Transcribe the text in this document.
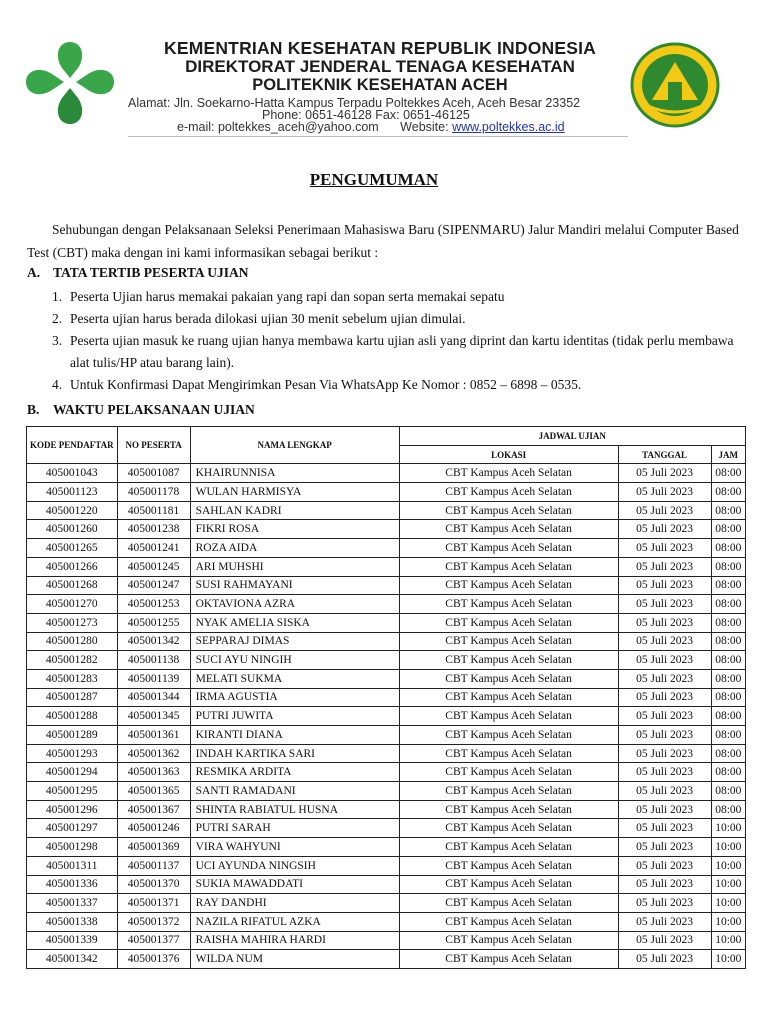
KEMENTRIAN KESEHATAN REPUBLIK INDONESIA
DIREKTORAT JENDERAL TENAGA KESEHATAN
POLITEKNIK KESEHATAN ACEH
Alamat: Jln. Soekarno-Hatta Kampus Terpadu Poltekkes Aceh, Aceh Besar 23352
Phone: 0651-46128 Fax: 0651-46125
e-mail: poltekkes_aceh@yahoo.com Website: www.poltekkes.ac.id
PENGUMUMAN
Sehubungan dengan Pelaksanaan Seleksi Penerimaan Mahasiswa Baru (SIPENMARU) Jalur Mandiri melalui Computer Based Test (CBT) maka dengan ini kami informasikan sebagai berikut :
A. TATA TERTIB PESERTA UJIAN
1. Peserta Ujian harus memakai pakaian yang rapi dan sopan serta memakai sepatu
2. Peserta ujian harus berada dilokasi ujian 30 menit sebelum ujian dimulai.
3. Peserta ujian masuk ke ruang ujian hanya membawa kartu ujian asli yang diprint dan kartu identitas (tidak perlu membawa alat tulis/HP atau barang lain).
4. Untuk Konfirmasi Dapat Mengirimkan Pesan Via WhatsApp Ke Nomor : 0852 – 6898 – 0535.
B. WAKTU PELAKSANAAN UJIAN
KODE PENDAFTAR	NO PESERTA	NAMA LENGKAP	JADWAL UJIAN		
			LOKASI	TANGGAL	JAM
405001043	405001087	KHAIRUNNISA	CBT Kampus Aceh Selatan	05 Juli 2023	08:00
405001123	405001178	WULAN HARMISYA	CBT Kampus Aceh Selatan	05 Juli 2023	08:00
405001220	405001181	SAHLAN KADRI	CBT Kampus Aceh Selatan	05 Juli 2023	08:00
405001260	405001238	FIKRI ROSA	CBT Kampus Aceh Selatan	05 Juli 2023	08:00
405001265	405001241	ROZA AIDA	CBT Kampus Aceh Selatan	05 Juli 2023	08:00
405001266	405001245	ARI MUHSHI	CBT Kampus Aceh Selatan	05 Juli 2023	08:00
405001268	405001247	SUSI RAHMAYANI	CBT Kampus Aceh Selatan	05 Juli 2023	08:00
405001270	405001253	OKTAVIONA AZRA	CBT Kampus Aceh Selatan	05 Juli 2023	08:00
405001273	405001255	NYAK AMELIA SISKA	CBT Kampus Aceh Selatan	05 Juli 2023	08:00
405001280	405001342	SEPPARAJ DIMAS	CBT Kampus Aceh Selatan	05 Juli 2023	08:00
405001282	405001138	SUCI AYU NINGIH	CBT Kampus Aceh Selatan	05 Juli 2023	08:00
405001283	405001139	MELATI SUKMA	CBT Kampus Aceh Selatan	05 Juli 2023	08:00
405001287	405001344	IRMA AGUSTIA	CBT Kampus Aceh Selatan	05 Juli 2023	08:00
405001288	405001345	PUTRI JUWITA	CBT Kampus Aceh Selatan	05 Juli 2023	08:00
405001289	405001361	KIRANTI DIANA	CBT Kampus Aceh Selatan	05 Juli 2023	08:00
405001293	405001362	INDAH KARTIKA SARI	CBT Kampus Aceh Selatan	05 Juli 2023	08:00
405001294	405001363	RESMIKA ARDITA	CBT Kampus Aceh Selatan	05 Juli 2023	08:00
405001295	405001365	SANTI RAMADANI	CBT Kampus Aceh Selatan	05 Juli 2023	08:00
405001296	405001367	SHINTA RABIATUL HUSNA	CBT Kampus Aceh Selatan	05 Juli 2023	08:00
405001297	405001246	PUTRI SARAH	CBT Kampus Aceh Selatan	05 Juli 2023	10:00
405001298	405001369	VIRA WAHYUNI	CBT Kampus Aceh Selatan	05 Juli 2023	10:00
405001311	405001137	UCI AYUNDA NINGSIH	CBT Kampus Aceh Selatan	05 Juli 2023	10:00
405001336	405001370	SUKIA MAWADDATI	CBT Kampus Aceh Selatan	05 Juli 2023	10:00
405001337	405001371	RAY DANDHI	CBT Kampus Aceh Selatan	05 Juli 2023	10:00
405001338	405001372	NAZILA RIFATUL AZKA	CBT Kampus Aceh Selatan	05 Juli 2023	10:00
405001339	405001377	RAISHA MAHIRA HARDI	CBT Kampus Aceh Selatan	05 Juli 2023	10:00
405001342	405001376	WILDA NUM	CBT Kampus Aceh Selatan	05 Juli 2023	10:00
